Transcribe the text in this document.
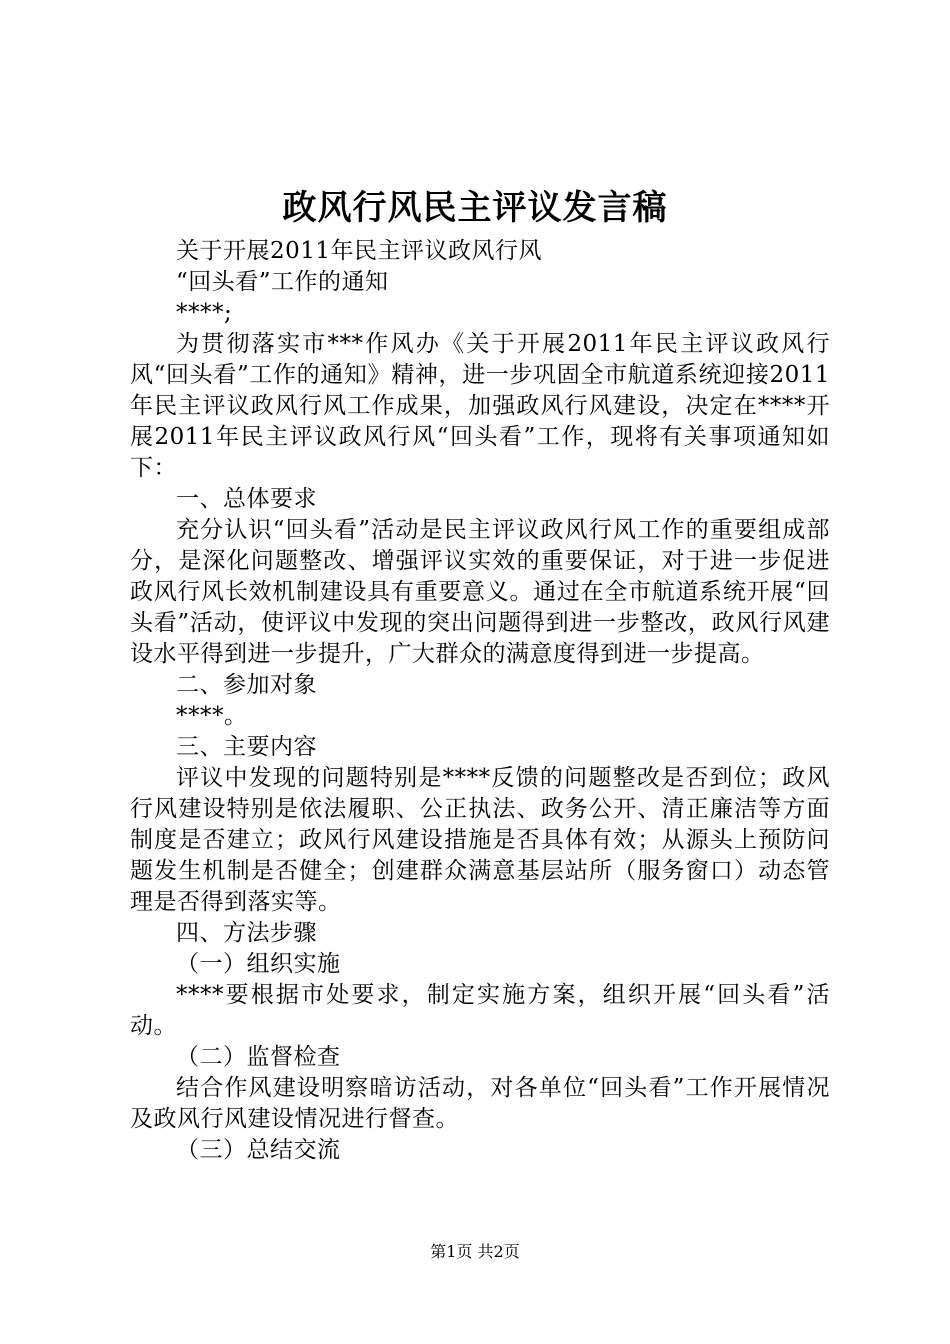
政风行风民主评议发言稿

关于开展2011年民主评议政风行风

“回头看”工作的通知

****;

为贯彻落实市***作风办《关于开展2011年民主评议政风行风“回头看”工作的通知》精神，进一步巩固全市航道系统迎接2011年民主评议政风行风工作成果，加强政风行风建设，决定在****开展2011年民主评议政风行风“回头看”工作，现将有关事项通知如下：

一、总体要求

充分认识“回头看”活动是民主评议政风行风工作的重要组成部分，是深化问题整改、增强评议实效的重要保证，对于进一步促进政风行风长效机制建设具有重要意义。通过在全市航道系统开展“回头看”活动，使评议中发现的突出问题得到进一步整改，政风行风建设水平得到进一步提升，广大群众的满意度得到进一步提高。

二、参加对象

****。

三、主要内容

评议中发现的问题特别是****反馈的问题整改是否到位；政风行风建设特别是依法履职、公正执法、政务公开、清正廉洁等方面制度是否建立；政风行风建设措施是否具体有效；从源头上预防问题发生机制是否健全；创建群众满意基层站所（服务窗口）动态管理是否得到落实等。

四、方法步骤

（一）组织实施

****要根据市处要求，制定实施方案，组织开展“回头看”活动。

（二）监督检查

结合作风建设明察暗访活动，对各单位“回头看”工作开展情况及政风行风建设情况进行督查。

（三）总结交流

第1页 共2页
